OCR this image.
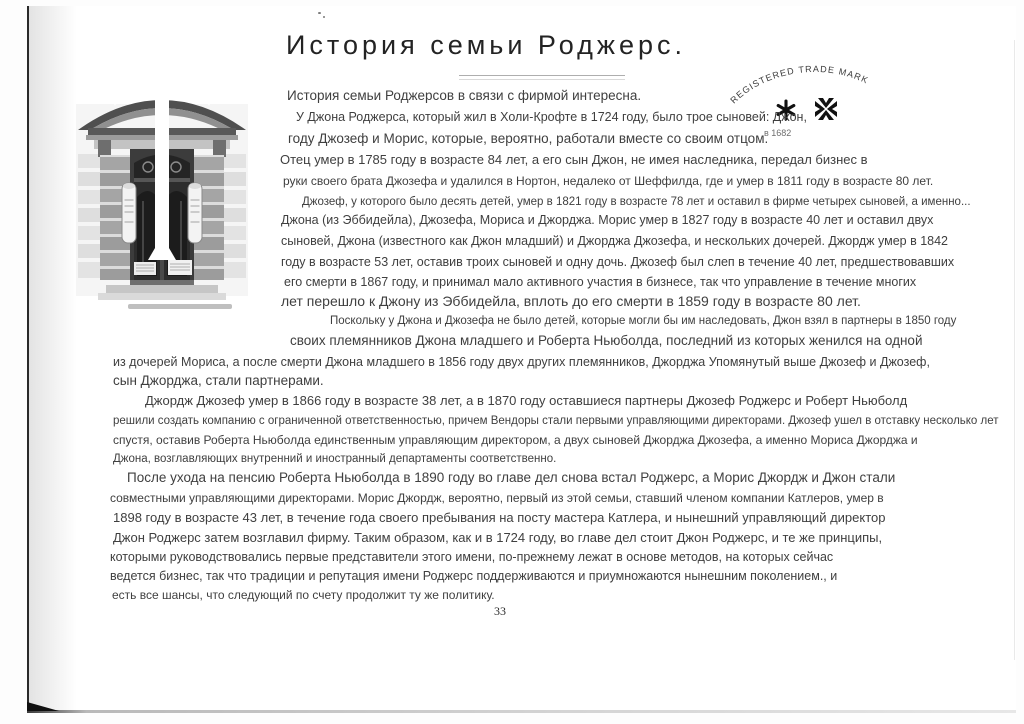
История семьи Роджерс.
REGISTERED TRADE MARK
в 1682
История семьи Роджерсов в связи с фирмой интересна.
У Джона Роджерса, который жил в Холи-Крофте в 1724 году, было трое сыновей: Джон,
году Джозеф и Морис, которые, вероятно, работали вместе со своим отцом.
Отец умер в 1785 году в возрасте 84 лет, а его сын Джон, не имея наследника, передал бизнес в
руки своего брата Джозефа и удалился в Нортон, недалеко от Шеффилда, где и умер в 1811 году в возрасте 80 лет.
Джозеф, у которого было десять детей, умер в 1821 году в возрасте 78 лет и оставил в фирме четырех сыновей, а именно...
Джона (из Эббидейла), Джозефа, Мориса и Джорджа. Морис умер в 1827 году в возрасте 40 лет и оставил двух
сыновей, Джона (известного как Джон младший) и Джорджа Джозефа, и нескольких дочерей. Джордж умер в 1842
году в возрасте 53 лет, оставив троих сыновей и одну дочь. Джозеф был слеп в течение 40 лет, предшествовавших
его смерти в 1867 году, и принимал мало активного участия в бизнесе, так что управление в течение многих
лет перешло к Джону из Эббидейла, вплоть до его смерти в 1859 году в возрасте 80 лет.
Поскольку у Джона и Джозефа не было детей, которые могли бы им наследовать, Джон взял в партнеры в 1850 году
своих племянников Джона младшего и Роберта Ньюболда, последний из которых женился на одной
из дочерей Мориса, а после смерти Джона младшего в 1856 году двух других племянников, Джорджа Упомянутый выше Джозеф и Джозеф,
сын Джорджа, стали партнерами.
Джордж Джозеф умер в 1866 году в возрасте 38 лет, а в 1870 году оставшиеся партнеры Джозеф Роджерс и Роберт Ньюболд
решили создать компанию с ограниченной ответственностью, причем Вендоры стали первыми управляющими директорами. Джозеф ушел в отставку несколько лет
спустя, оставив Роберта Ньюболда единственным управляющим директором, а двух сыновей Джорджа Джозефа, а именно Мориса Джорджа и
Джона, возглавляющих внутренний и иностранный департаменты соответственно.
После ухода на пенсию Роберта Ньюболда в 1890 году во главе дел снова встал Роджерс, а Морис Джордж и Джон стали
совместными управляющими директорами. Морис Джордж, вероятно, первый из этой семьи, ставший членом компании Катлеров, умер в
1898 году в возрасте 43 лет, в течение года своего пребывания на посту мастера Катлера, и нынешний управляющий директор
Джон Роджерс затем возглавил фирму. Таким образом, как и в 1724 году, во главе дел стоит Джон Роджерс, и те же принципы,
которыми руководствовались первые представители этого имени, по-прежнему лежат в основе методов, на которых сейчас
ведется бизнес, так что традиции и репутация имени Роджерс поддерживаются и приумножаются нынешним поколением., и
есть все шансы, что следующий по счету продолжит ту же политику.
33
